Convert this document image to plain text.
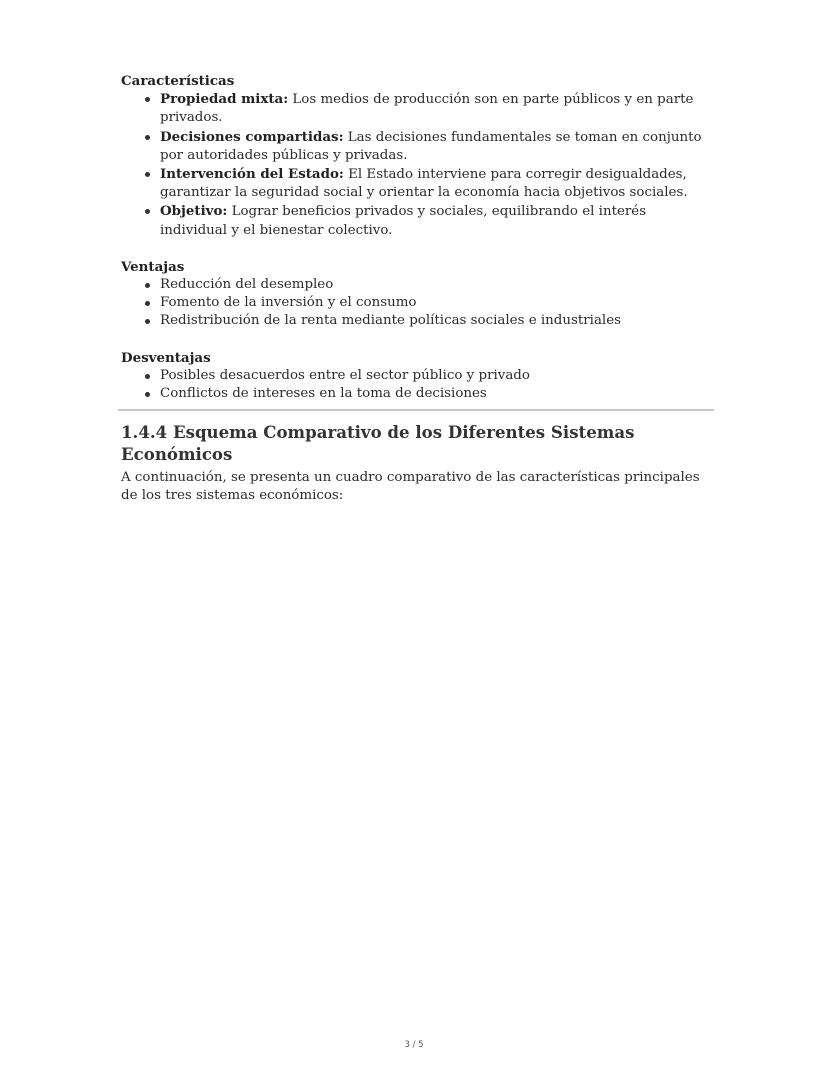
Características

Propiedad mixta: Los medios de producción son en parte públicos y en parte privados.
Decisiones compartidas: Las decisiones fundamentales se toman en conjunto por autoridades públicas y privadas.
Intervención del Estado: El Estado interviene para corregir desigualdades, garantizar la seguridad social y orientar la economía hacia objetivos sociales.
Objetivo: Lograr beneficios privados y sociales, equilibrando el interés individual y el bienestar colectivo.

Ventajas

Reducción del desempleo
Fomento de la inversión y el consumo
Redistribución de la renta mediante políticas sociales e industriales

Desventajas

Posibles desacuerdos entre el sector público y privado
Conflictos de intereses en la toma de decisiones
1.4.4 Esquema Comparativo de los Diferentes Sistemas Económicos

A continuación, se presenta un cuadro comparativo de las características principales de los tres sistemas económicos:

3 / 5
